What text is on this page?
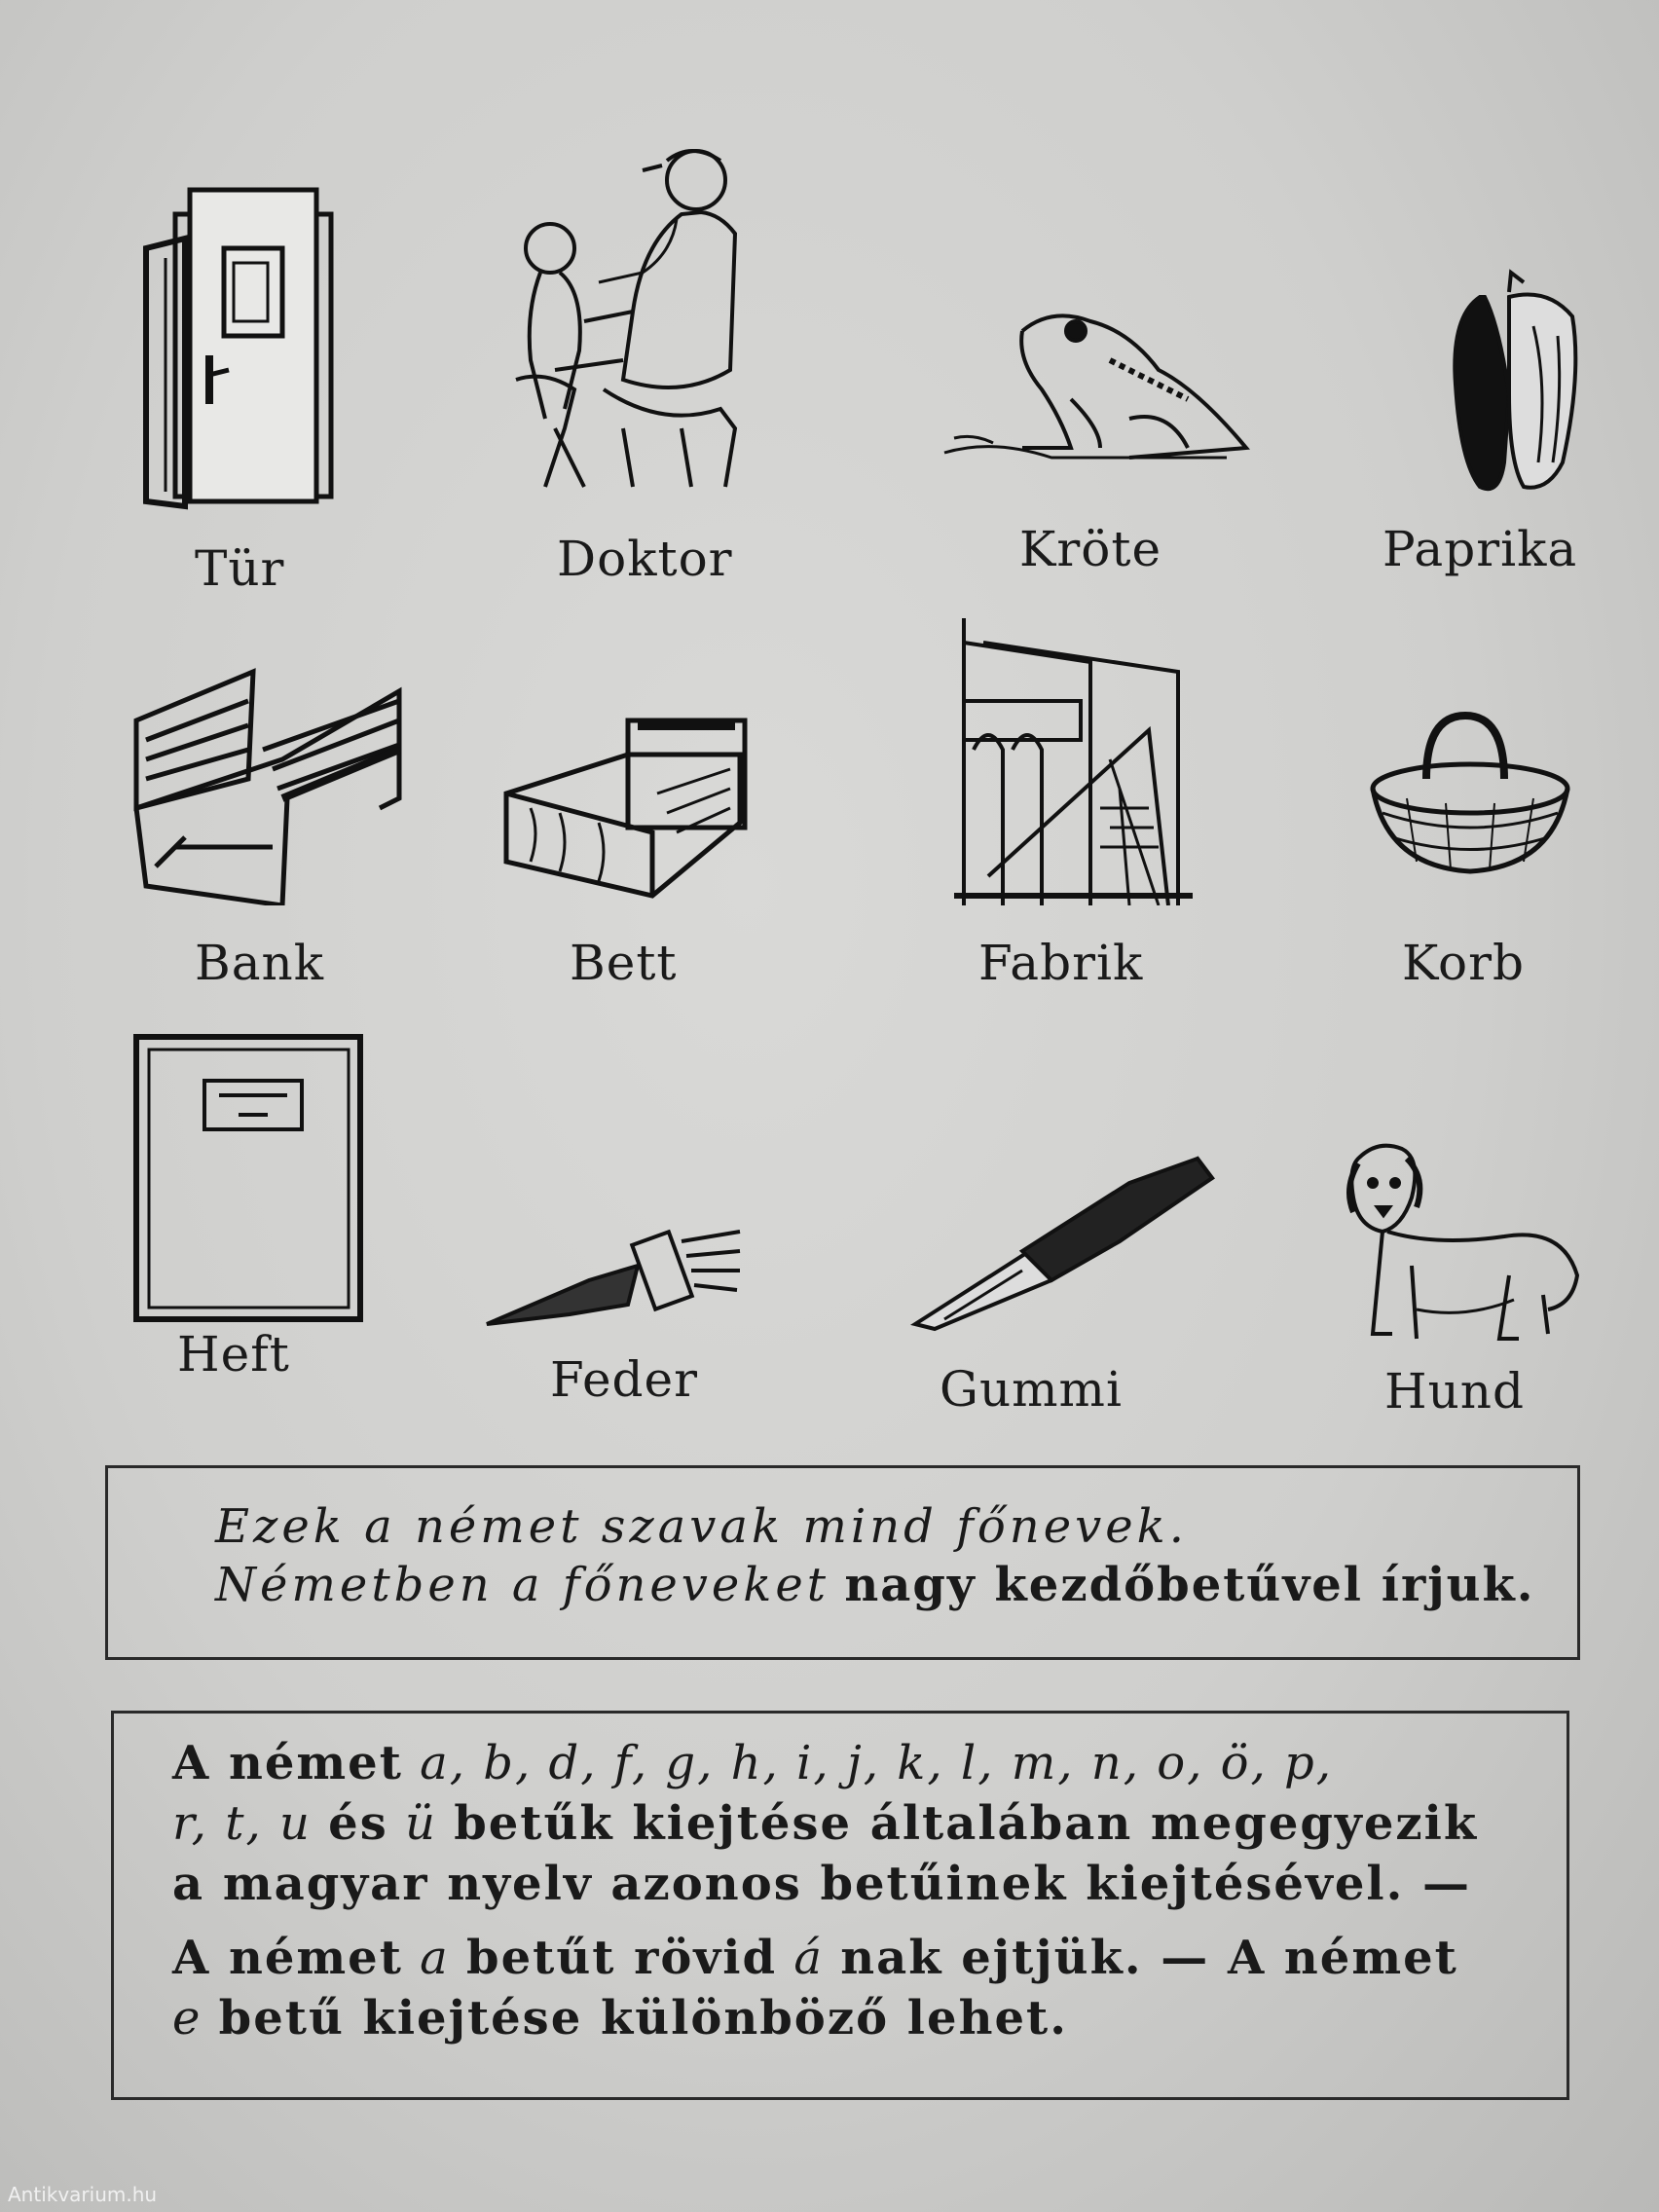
Tür	Doktor	Kröte	Paprika
Bank	Bett	Fabrik	Korb
Heft	Feder	Gummi	Hund
Ezek a német szavak mind főnevek.
Németben a főneveket nagy kezdőbetűvel írjuk.
A német a, b, d, f, g, h, i, j, k, l, m, n, o, ö, p,
r, t, u és ü betűk kiejtése általában megegyezik
a magyar nyelv azonos betűinek kiejtésével. —
A német a betűt rövid á nak ejtjük. — A német
e betű kiejtése különböző lehet.
Antikvarium.hu
